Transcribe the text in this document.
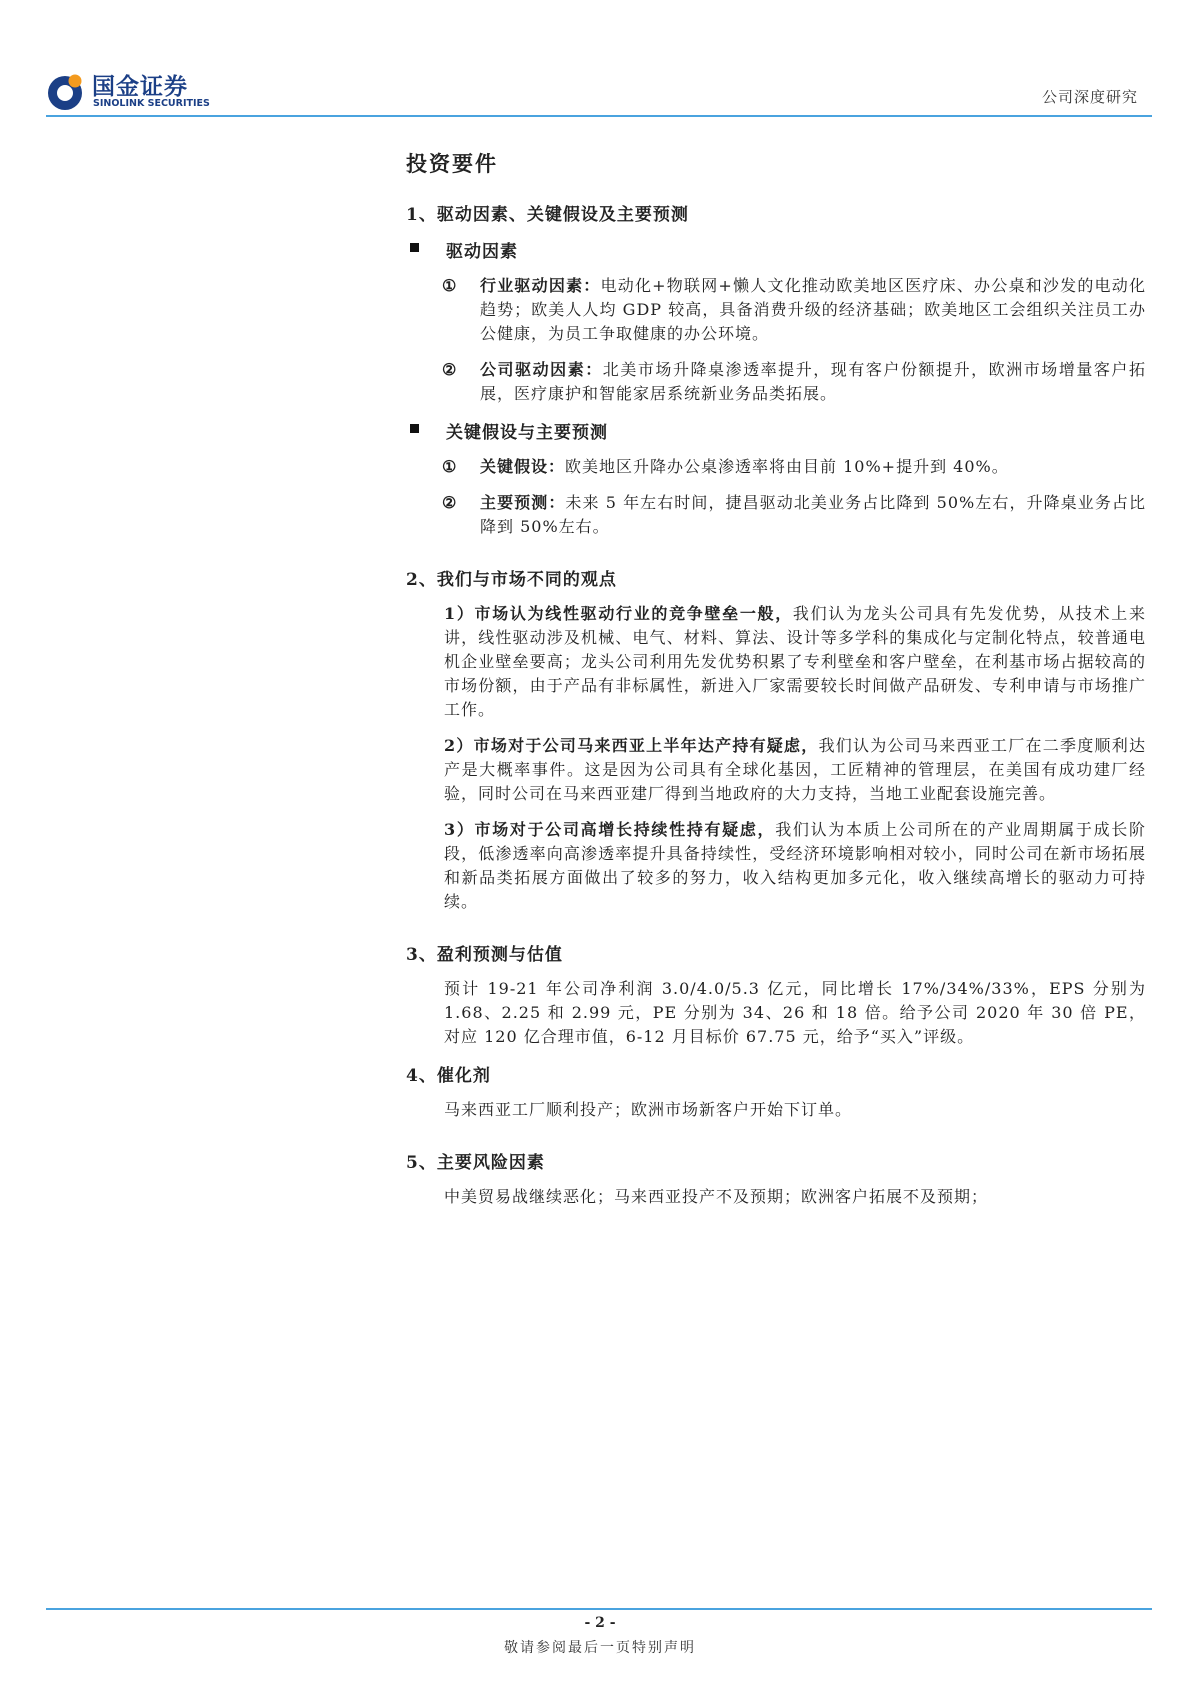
国金证券
SINOLINK SECURITIES	公司深度研究
投资要件
1、驱动因素、关键假设及主要预测
驱动因素
① 行业驱动因素：电动化+物联网+懒人文化推动欧美地区医疗床、办公桌和沙发的电动化趋势；欧美人人均 GDP 较高，具备消费升级的经济基础；欧美地区工会组织关注员工办公健康，为员工争取健康的办公环境。
② 公司驱动因素：北美市场升降桌渗透率提升，现有客户份额提升，欧洲市场增量客户拓展，医疗康护和智能家居系统新业务品类拓展。
关键假设与主要预测
① 关键假设：欧美地区升降办公桌渗透率将由目前 10%+提升到 40%。
② 主要预测：未来 5 年左右时间，捷昌驱动北美业务占比降到 50%左右，升降桌业务占比降到 50%左右。
2、我们与市场不同的观点
1）市场认为线性驱动行业的竞争壁垒一般，我们认为龙头公司具有先发优势，从技术上来讲，线性驱动涉及机械、电气、材料、算法、设计等多学科的集成化与定制化特点，较普通电机企业壁垒要高；龙头公司利用先发优势积累了专利壁垒和客户壁垒，在利基市场占据较高的市场份额，由于产品有非标属性，新进入厂家需要较长时间做产品研发、专利申请与市场推广工作。
2）市场对于公司马来西亚上半年达产持有疑虑，我们认为公司马来西亚工厂在二季度顺利达产是大概率事件。这是因为公司具有全球化基因，工匠精神的管理层，在美国有成功建厂经验，同时公司在马来西亚建厂得到当地政府的大力支持，当地工业配套设施完善。
3）市场对于公司高增长持续性持有疑虑，我们认为本质上公司所在的产业周期属于成长阶段，低渗透率向高渗透率提升具备持续性，受经济环境影响相对较小，同时公司在新市场拓展和新品类拓展方面做出了较多的努力，收入结构更加多元化，收入继续高增长的驱动力可持续。
3、盈利预测与估值
预计 19-21 年公司净利润 3.0/4.0/5.3 亿元，同比增长 17%/34%/33%，EPS 分别为 1.68、2.25 和 2.99 元，PE 分别为 34、26 和 18 倍。给予公司 2020 年 30 倍 PE，对应 120 亿合理市值，6-12 月目标价 67.75 元，给予“买入”评级。
4、催化剂
马来西亚工厂顺利投产；欧洲市场新客户开始下订单。
5、主要风险因素
中美贸易战继续恶化；马来西亚投产不及预期；欧洲客户拓展不及预期；
- 2 -
敬请参阅最后一页特别声明
